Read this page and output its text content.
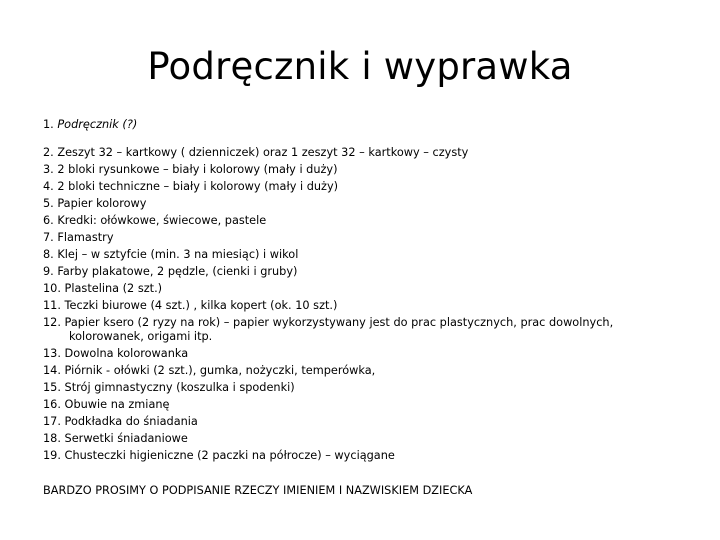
Podręcznik i wyprawka
1. Podręcznik (?)
2. Zeszyt 32 – kartkowy ( dzienniczek) oraz 1 zeszyt 32 – kartkowy – czysty
3. 2 bloki rysunkowe – biały i kolorowy (mały i duży)
4. 2 bloki techniczne – biały i kolorowy (mały i duży)
5. Papier kolorowy
6. Kredki: ołówkowe, świecowe, pastele
7. Flamastry
8. Klej – w sztyfcie (min. 3 na miesiąc) i wikol
9. Farby plakatowe, 2 pędzle, (cienki i gruby)
10. Plastelina (2 szt.)
11. Teczki biurowe (4 szt.) , kilka kopert (ok. 10 szt.)
12. Papier ksero (2 ryzy na rok) – papier wykorzystywany jest do prac plastycznych, prac dowolnych,
kolorowanek, origami itp.
13. Dowolna kolorowanka
14. Piórnik - ołówki (2 szt.), gumka, nożyczki, temperówka,
15. Strój gimnastyczny (koszulka i spodenki)
16. Obuwie na zmianę
17. Podkładka do śniadania
18. Serwetki śniadaniowe
19. Chusteczki higieniczne (2 paczki na półrocze) – wyciągane
BARDZO PROSIMY O PODPISANIE RZECZY IMIENIEM I NAZWISKIEM DZIECKA
